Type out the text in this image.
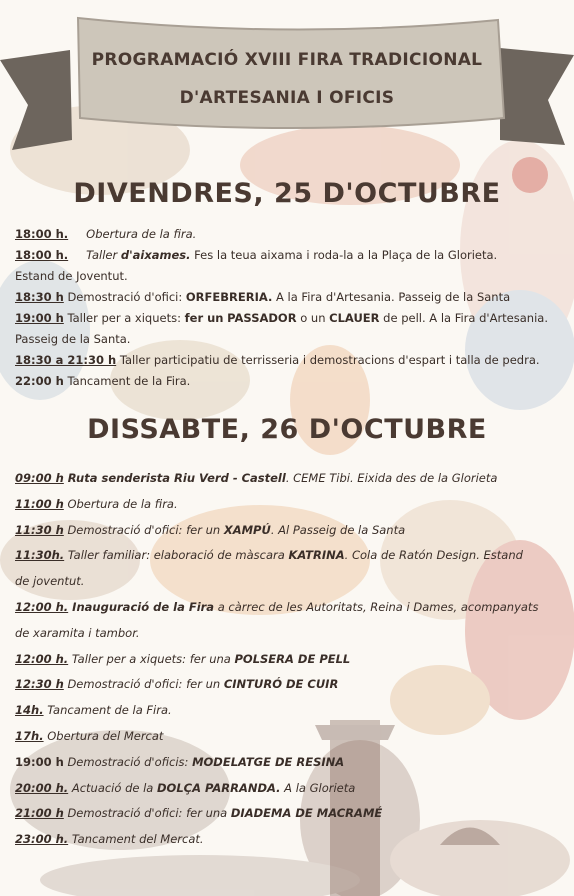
PROGRAMACIÓ XVIII FIRA TRADICIONAL
D'ARTESANIA I OFICIS
DIVENDRES, 25 D'OCTUBRE
18:00 h. Obertura de la fira.
18:00 h. Taller d'aixames. Fes la teua aixama i roda-la a la Plaça de la Glorieta.
Estand de Joventut.
18:30 h Demostració d'ofici: ORFEBRERIA. A la Fira d'Artesania. Passeig de la Santa
19:00 h Taller per a xiquets: fer un PASSADOR o un CLAUER de pell. A la Fira d'Artesania.
Passeig de la Santa.
18:30 a 21:30 h Taller participatiu de terrisseria i demostracions d'espart i talla de pedra.
22:00 h Tancament de la Fira.
DISSABTE, 26 D'OCTUBRE
09:00 h Ruta senderista Riu Verd - Castell. CEME Tibi. Eixida des de la Glorieta
11:00 h Obertura de la fira.
11:30 h Demostració d'ofici: fer un XAMPÚ. Al Passeig de la Santa
11:30h. Taller familiar: elaboració de màscara KATRINA. Cola de Ratón Design. Estand
de joventut.
12:00 h. Inauguració de la Fira a càrrec de les Autoritats, Reina i Dames, acompanyats
de xaramita i tambor.
12:00 h. Taller per a xiquets: fer una POLSERA DE PELL
12:30 h Demostració d'ofici: fer un CINTURÓ DE CUIR
14h. Tancament de la Fira.
17h. Obertura del Mercat
19:00 h Demostració d'oficis: MODELATGE DE RESINA
20:00 h. Actuació de la DOLÇA PARRANDA. A la Glorieta
21:00 h Demostració d'ofici: fer una DIADEMA DE MACRAMÉ
23:00 h. Tancament del Mercat.
